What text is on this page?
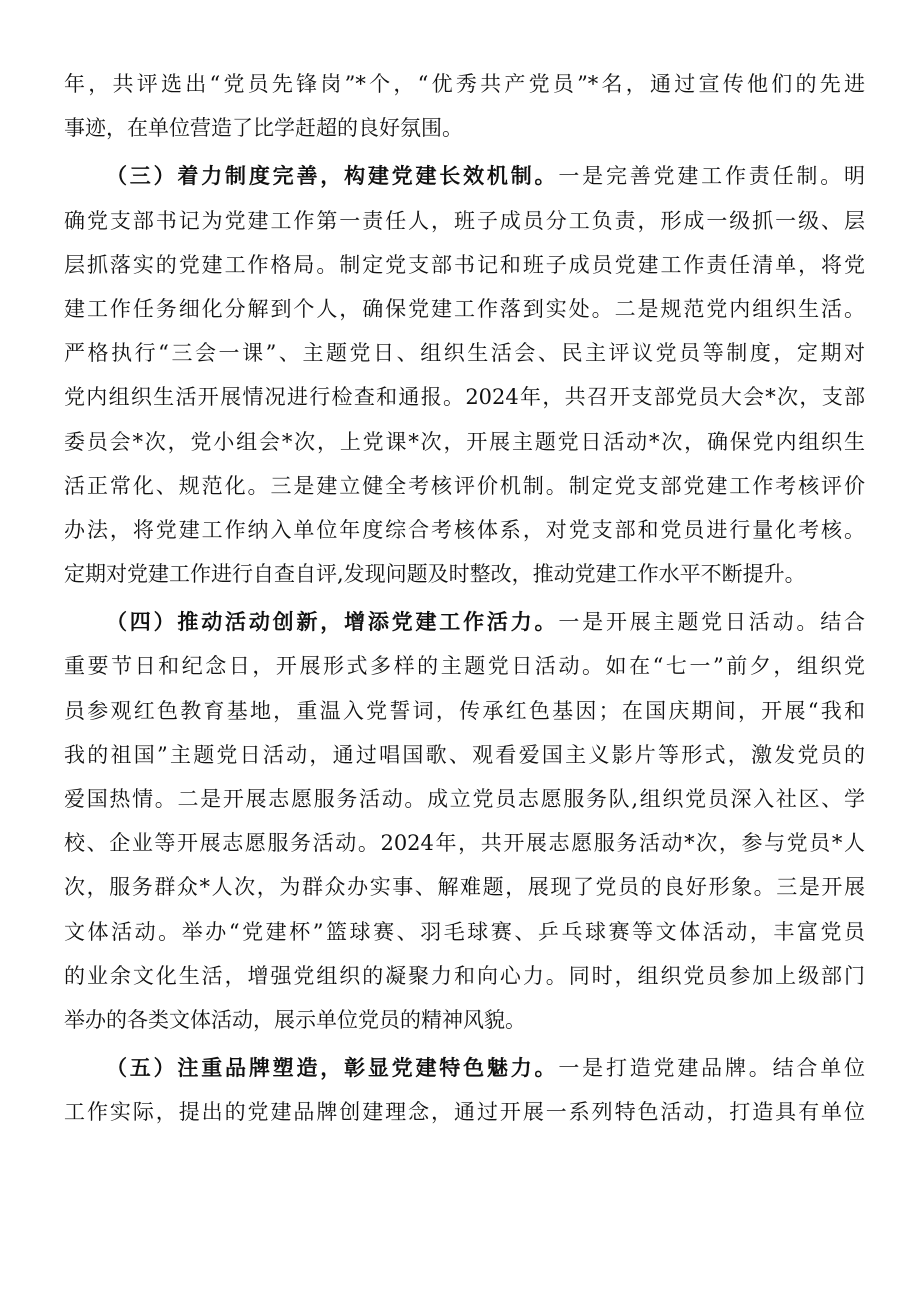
年，共评选出“党员先锋岗”*个，“优秀共产党员”*名，通过宣传他们的先进
事迹，在单位营造了比学赶超的良好氛围。
（三）着力制度完善，构建党建长效机制。一是完善党建工作责任制。明
确党支部书记为党建工作第一责任人，班子成员分工负责，形成一级抓一级、层
层抓落实的党建工作格局。制定党支部书记和班子成员党建工作责任清单，将党
建工作任务细化分解到个人，确保党建工作落到实处。二是规范党内组织生活。
严格执行“三会一课”、主题党日、组织生活会、民主评议党员等制度，定期对
党内组织生活开展情况进行检查和通报。2024年，共召开支部党员大会*次，支部
委员会*次，党小组会*次，上党课*次，开展主题党日活动*次，确保党内组织生
活正常化、规范化。三是建立健全考核评价机制。制定党支部党建工作考核评价
办法，将党建工作纳入单位年度综合考核体系，对党支部和党员进行量化考核。
定期对党建工作进行自查自评,发现问题及时整改，推动党建工作水平不断提升。
（四）推动活动创新，增添党建工作活力。一是开展主题党日活动。结合
重要节日和纪念日，开展形式多样的主题党日活动。如在“七一”前夕，组织党
员参观红色教育基地，重温入党誓词，传承红色基因；在国庆期间，开展“我和
我的祖国”主题党日活动，通过唱国歌、观看爱国主义影片等形式，激发党员的
爱国热情。二是开展志愿服务活动。成立党员志愿服务队,组织党员深入社区、学
校、企业等开展志愿服务活动。2024年，共开展志愿服务活动*次，参与党员*人
次，服务群众*人次，为群众办实事、解难题，展现了党员的良好形象。三是开展
文体活动。举办“党建杯”篮球赛、羽毛球赛、乒乓球赛等文体活动，丰富党员
的业余文化生活，增强党组织的凝聚力和向心力。同时，组织党员参加上级部门
举办的各类文体活动，展示单位党员的精神风貌。
（五）注重品牌塑造，彰显党建特色魅力。一是打造党建品牌。结合单位
工作实际，提出的党建品牌创建理念，通过开展一系列特色活动，打造具有单位
